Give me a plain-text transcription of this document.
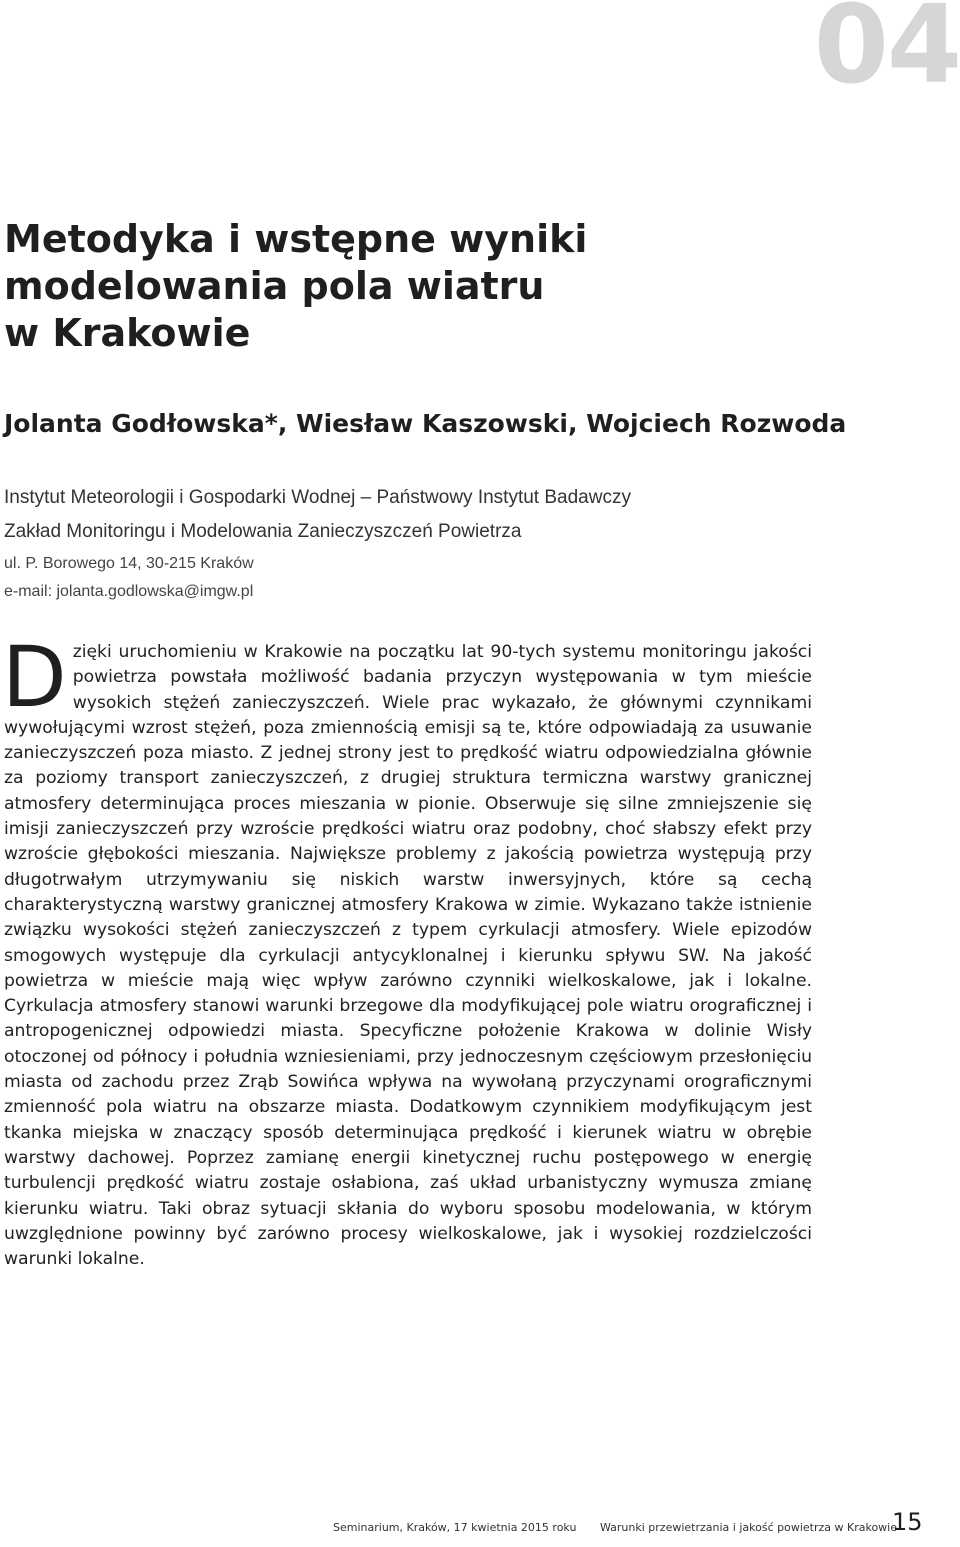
04
Metodyka i wstępne wyniki
modelowania pola wiatru
w Krakowie
Jolanta Godłowska*, Wiesław Kaszowski, Wojciech Rozwoda
Instytut Meteorologii i Gospodarki Wodnej – Państwowy Instytut Badawczy
Zakład Monitoringu i Modelowania Zanieczyszczeń Powietrza
ul. P. Borowego 14, 30-215 Kraków
e-mail: jolanta.godlowska@imgw.pl

Dzięki uruchomieniu w Krakowie na początku lat 90-tych systemu monitoringu jakości powietrza powstała możliwość badania przyczyn występowania w tym mieście wysokich stężeń zanieczyszczeń. Wiele prac wykazało, że głównymi czynnikami wywołującymi wzrost stężeń, poza zmiennością emisji są te, które odpowiadają za usuwanie zanieczyszczeń poza miasto. Z jednej strony jest to prędkość wiatru odpowiedzialna głównie za poziomy transport zanieczyszczeń, z drugiej struktura termiczna warstwy granicznej atmosfery determinująca proces mieszania w pionie. Obserwuje się silne zmniejszenie się imisji zanieczyszczeń przy wzroście prędkości wiatru oraz podobny, choć słabszy efekt przy wzroście głębokości mieszania. Największe problemy z jakością powietrza występują przy długotrwałym utrzymywaniu się niskich warstw inwersyjnych, które są cechą charakterystyczną warstwy granicznej atmosfery Krakowa w zimie. Wykazano także istnienie związku wysokości stężeń zanieczyszczeń z typem cyrkulacji atmosfery. Wiele epizodów smogowych występuje dla cyrkulacji antycyklonalnej i kierunku spływu SW. Na jakość powietrza w mieście mają więc wpływ zarówno czynniki wielkoskalowe, jak i lokalne. Cyrkulacja atmosfery stanowi warunki brzegowe dla modyfikującej pole wiatru orograficznej i antropogenicznej odpowiedzi miasta. Specyficzne położenie Krakowa w dolinie Wisły otoczonej od północy i południa wzniesieniami, przy jednoczesnym częściowym przesłonięciu miasta od zachodu przez Zrąb Sowińca wpływa na wywołaną przyczynami orograficznymi zmienność pola wiatru na obszarze miasta. Dodatkowym czynnikiem modyfikującym jest tkanka miejska w znaczący sposób determinująca prędkość i kierunek wiatru w obrębie warstwy dachowej. Poprzez zamianę energii kinetycznej ruchu postępowego w energię turbulencji prędkość wiatru zostaje osłabiona, zaś układ urbanistyczny wymusza zmianę kierunku wiatru. Taki obraz sytuacji skłania do wyboru sposobu modelowania, w którym uwzględnione powinny być zarówno procesy wielkoskalowe, jak i wysokiej rozdzielczości warunki lokalne.

Seminarium, Kraków, 17 kwietnia 2015 roku Warunki przewietrzania i jakość powietrza w Krakowie
15
